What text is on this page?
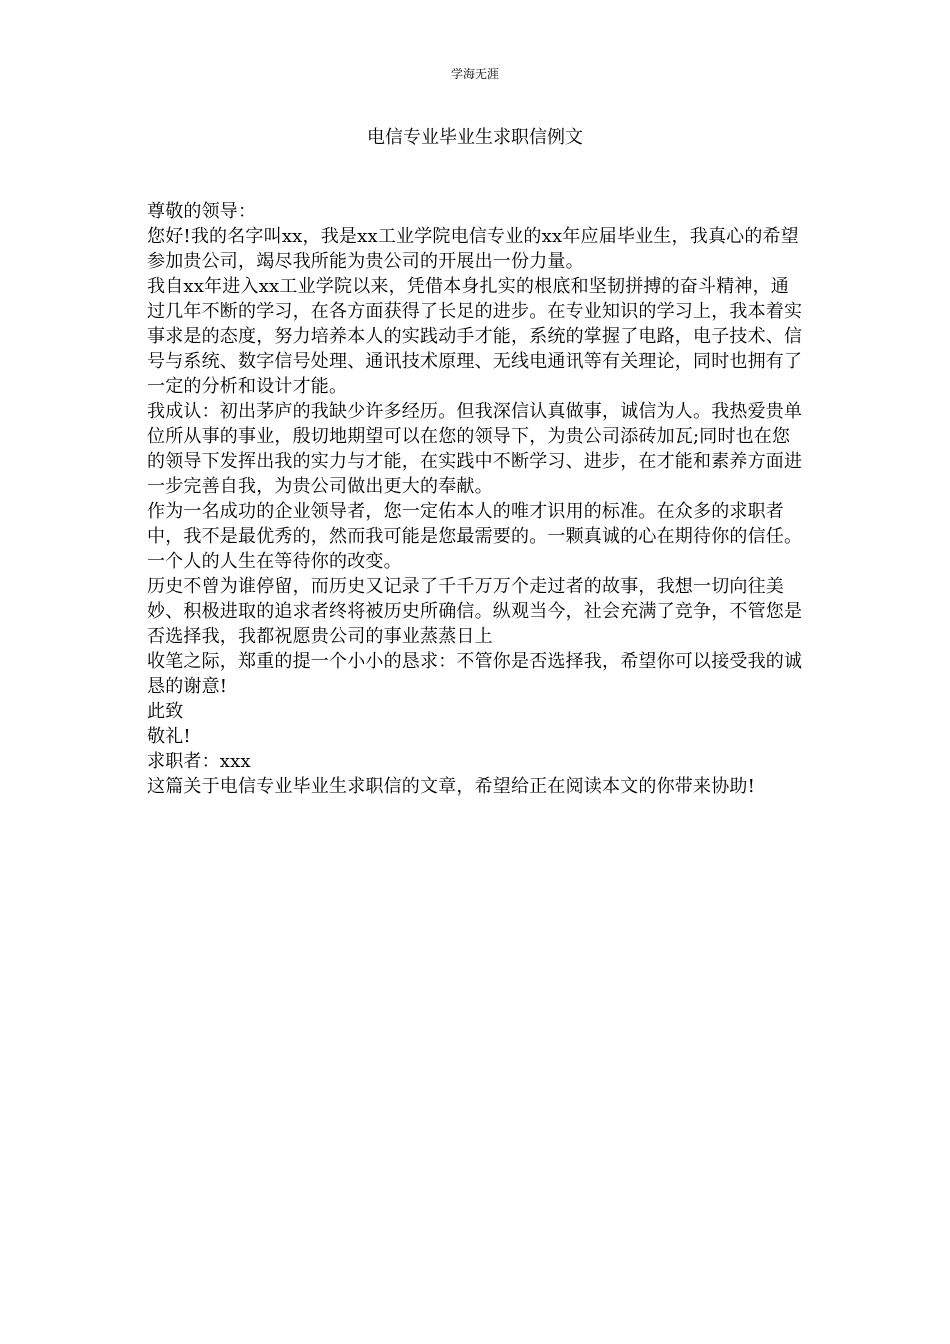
学海无涯
电信专业毕业生求职信例文

尊敬的领导：

您好!我的名字叫xx，我是xx工业学院电信专业的xx年应届毕业生，我真心的希望参加贵公司，竭尽我所能为贵公司的开展出一份力量。

我自xx年进入xx工业学院以来，凭借本身扎实的根底和坚韧拼搏的奋斗精神，通过几年不断的学习，在各方面获得了长足的进步。在专业知识的学习上，我本着实事求是的态度，努力培养本人的实践动手才能，系统的掌握了电路，电子技术、信号与系统、数字信号处理、通讯技术原理、无线电通讯等有关理论，同时也拥有了一定的分析和设计才能。

我成认：初出茅庐的我缺少许多经历。但我深信认真做事，诚信为人。我热爱贵单位所从事的事业，殷切地期望可以在您的领导下，为贵公司添砖加瓦;同时也在您的领导下发挥出我的实力与才能，在实践中不断学习、进步，在才能和素养方面进一步完善自我，为贵公司做出更大的奉献。

作为一名成功的企业领导者，您一定佑本人的唯才识用的标准。在众多的求职者中，我不是最优秀的，然而我可能是您最需要的。一颗真诚的心在期待你的信任。一个人的人生在等待你的改变。

历史不曾为谁停留，而历史又记录了千千万万个走过者的故事，我想一切向往美妙、积极进取的追求者终将被历史所确信。纵观当今，社会充满了竞争，不管您是否选择我，我都祝愿贵公司的事业蒸蒸日上

收笔之际，郑重的提一个小小的恳求：不管你是否选择我，希望你可以接受我的诚恳的谢意!

此致

敬礼!

求职者：xxx

这篇关于电信专业毕业生求职信的文章，希望给正在阅读本文的你带来协助!
